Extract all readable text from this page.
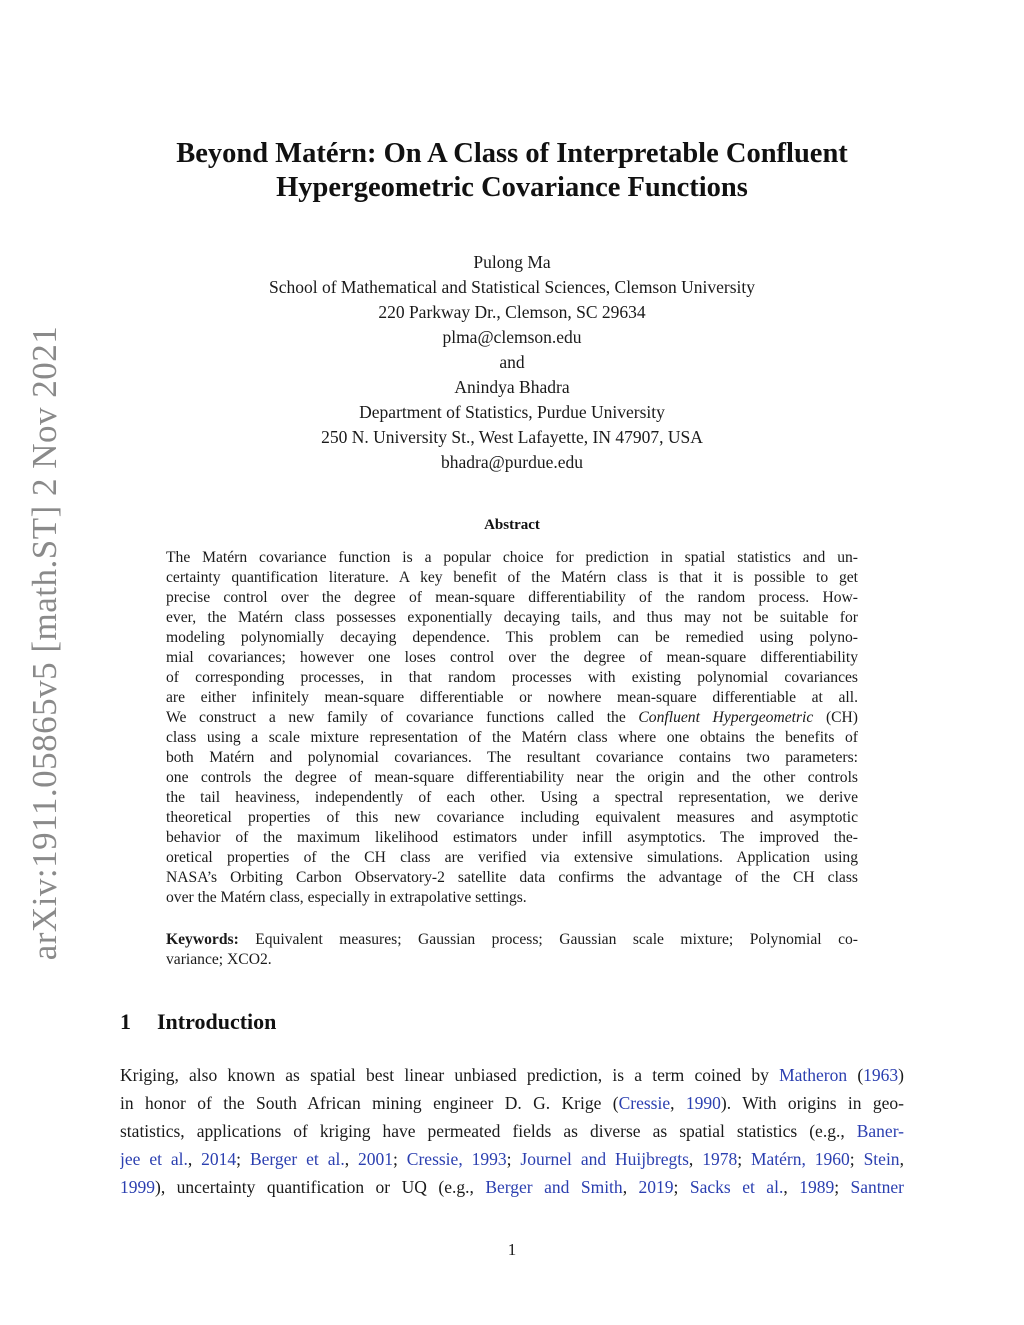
arXiv:1911.05865v5 [math.ST] 2 Nov 2021
Beyond Matérn: On A Class of Interpretable Confluent
Hypergeometric Covariance Functions
Pulong Ma
School of Mathematical and Statistical Sciences, Clemson University
220 Parkway Dr., Clemson, SC 29634
plma@clemson.edu
and
Anindya Bhadra
Department of Statistics, Purdue University
250 N. University St., West Lafayette, IN 47907, USA
bhadra@purdue.edu
Abstract
The Matérn covariance function is a popular choice for prediction in spatial statistics and un-
certainty quantification literature. A key benefit of the Matérn class is that it is possible to get
precise control over the degree of mean-square differentiability of the random process. How-
ever, the Matérn class possesses exponentially decaying tails, and thus may not be suitable for
modeling polynomially decaying dependence. This problem can be remedied using polyno-
mial covariances; however one loses control over the degree of mean-square differentiability
of corresponding processes, in that random processes with existing polynomial covariances
are either infinitely mean-square differentiable or nowhere mean-square differentiable at all.
We construct a new family of covariance functions called the Confluent Hypergeometric (CH)
class using a scale mixture representation of the Matérn class where one obtains the benefits of
both Matérn and polynomial covariances. The resultant covariance contains two parameters:
one controls the degree of mean-square differentiability near the origin and the other controls
the tail heaviness, independently of each other. Using a spectral representation, we derive
theoretical properties of this new covariance including equivalent measures and asymptotic
behavior of the maximum likelihood estimators under infill asymptotics. The improved the-
oretical properties of the CH class are verified via extensive simulations. Application using
NASA’s Orbiting Carbon Observatory-2 satellite data confirms the advantage of the CH class
over the Matérn class, especially in extrapolative settings.
Keywords: Equivalent measures; Gaussian process; Gaussian scale mixture; Polynomial co-
variance; XCO2.
1 Introduction
Kriging, also known as spatial best linear unbiased prediction, is a term coined by Matheron (1963)
in honor of the South African mining engineer D. G. Krige (Cressie, 1990). With origins in geo-
statistics, applications of kriging have permeated fields as diverse as spatial statistics (e.g., Baner-
jee et al., 2014; Berger et al., 2001; Cressie, 1993; Journel and Huijbregts, 1978; Matérn, 1960; Stein,
1999), uncertainty quantification or UQ (e.g., Berger and Smith, 2019; Sacks et al., 1989; Santner
1
